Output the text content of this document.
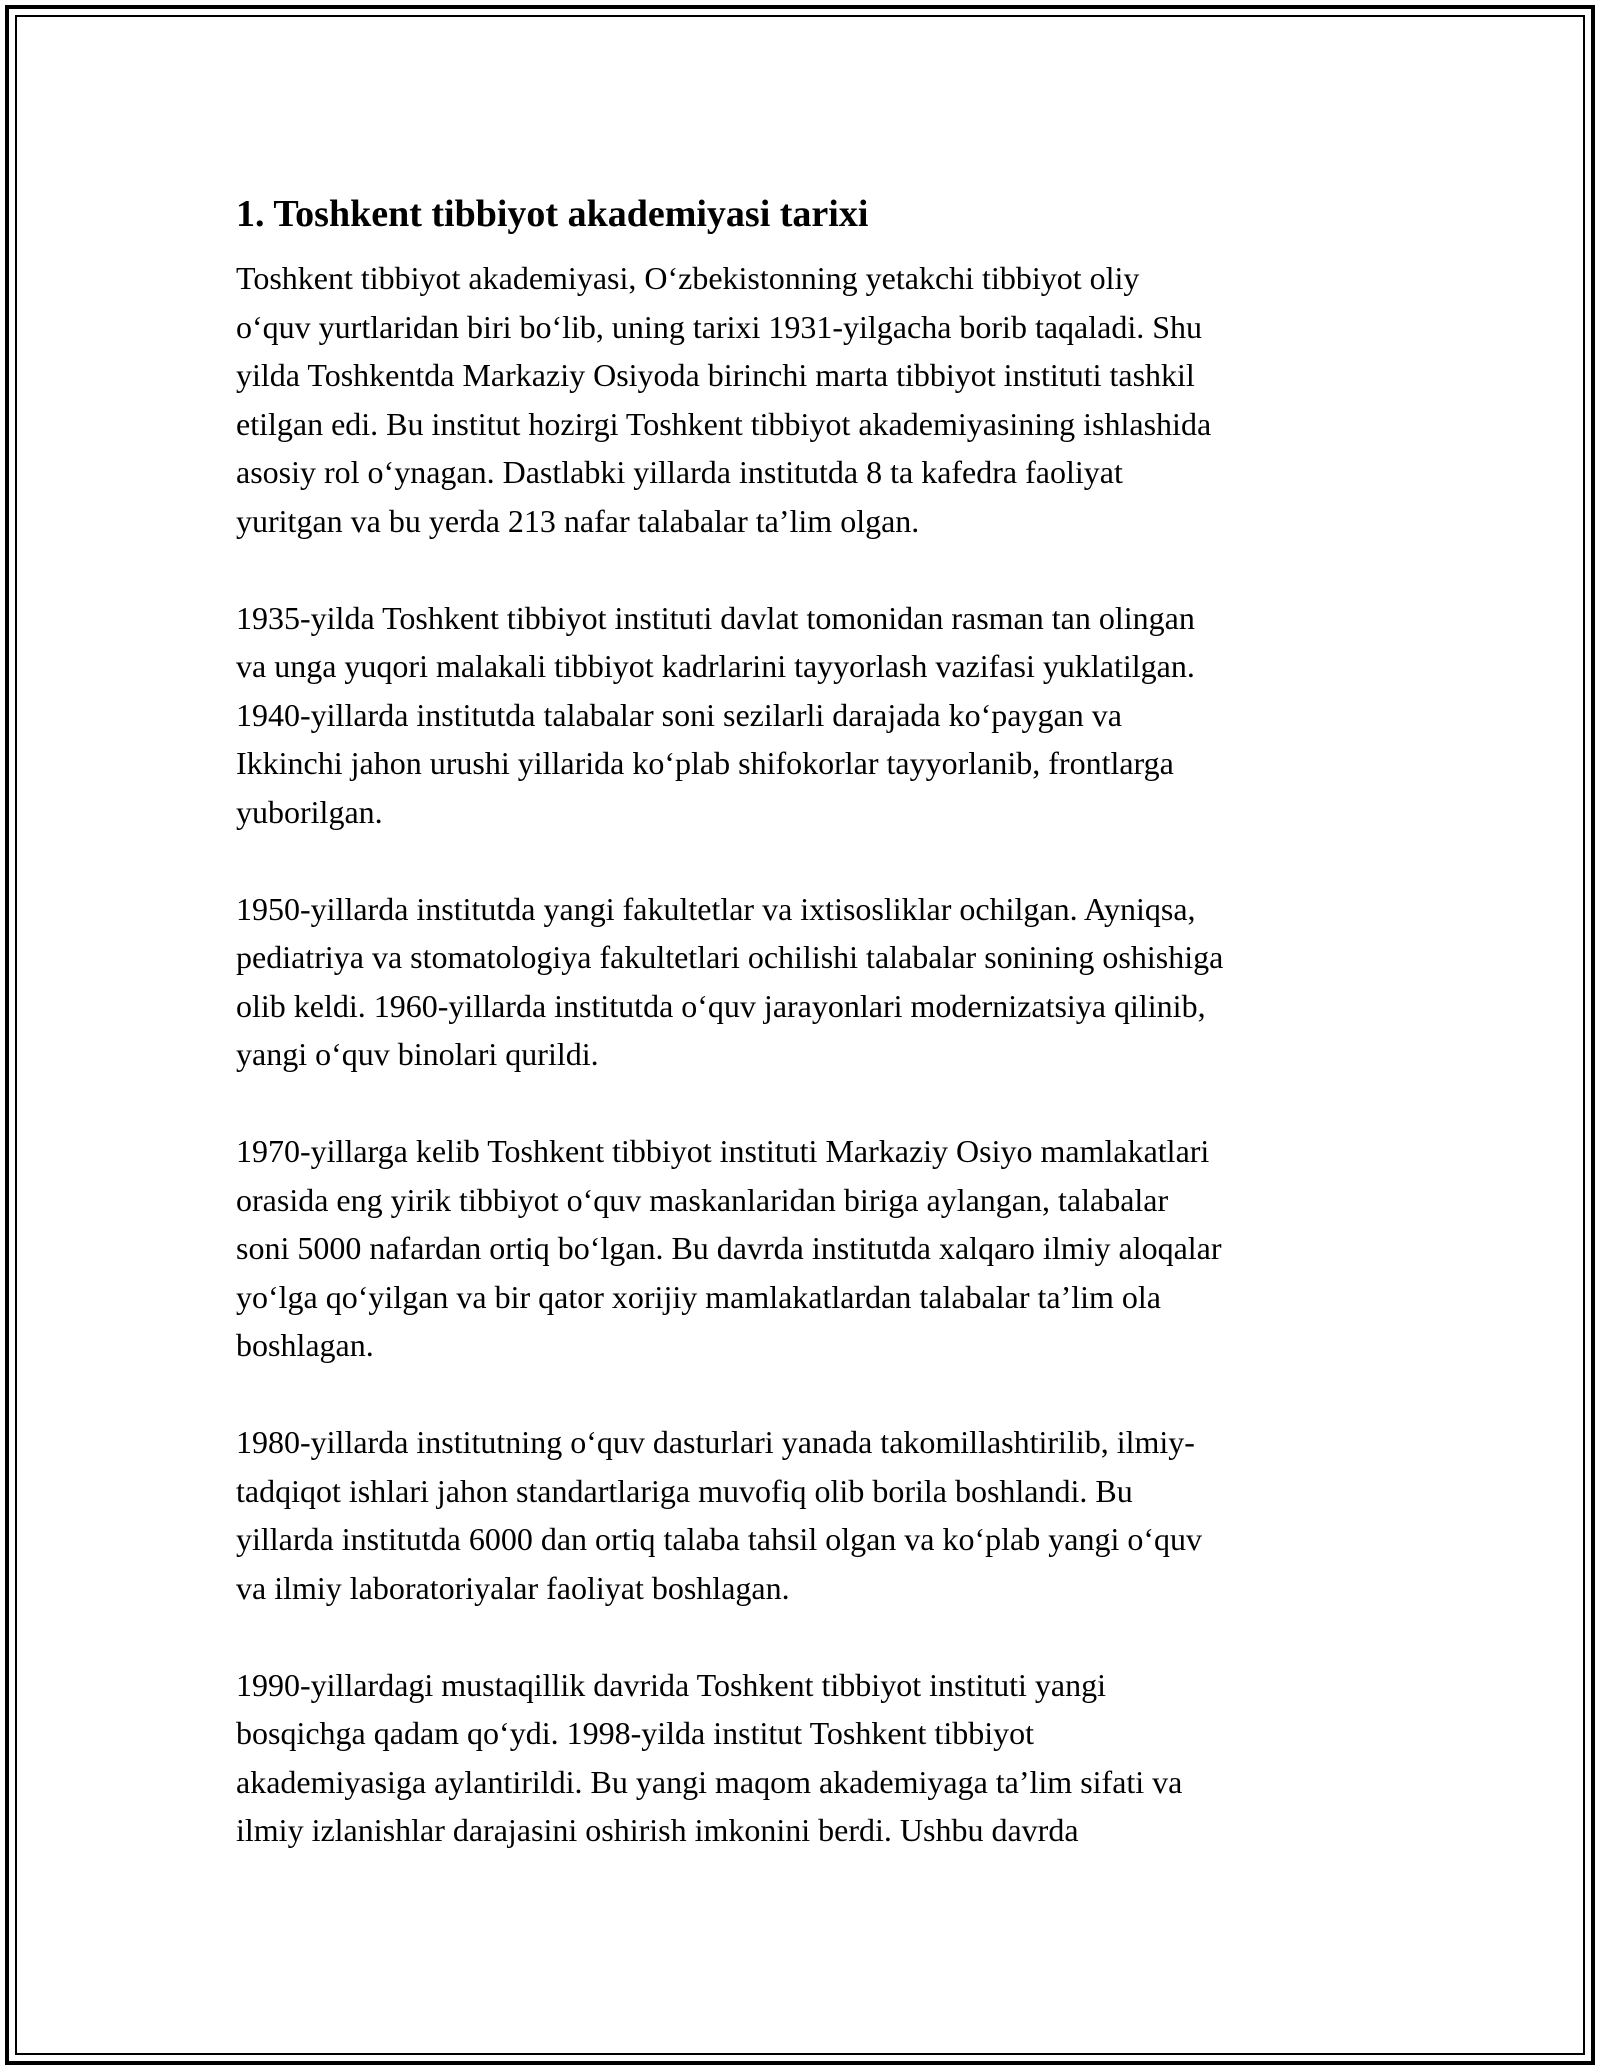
1. Toshkent tibbiyot akademiyasi tarixi

Toshkent tibbiyot akademiyasi, O‘zbekistonning yetakchi tibbiyot oliy
o‘quv yurtlaridan biri bo‘lib, uning tarixi 1931-yilgacha borib taqaladi. Shu
yilda Toshkentda Markaziy Osiyoda birinchi marta tibbiyot instituti tashkil
etilgan edi. Bu institut hozirgi Toshkent tibbiyot akademiyasining ishlashida
asosiy rol o‘ynagan. Dastlabki yillarda institutda 8 ta kafedra faoliyat
yuritgan va bu yerda 213 nafar talabalar ta’lim olgan.

1935-yilda Toshkent tibbiyot instituti davlat tomonidan rasman tan olingan
va unga yuqori malakali tibbiyot kadrlarini tayyorlash vazifasi yuklatilgan.
1940-yillarda institutda talabalar soni sezilarli darajada ko‘paygan va
Ikkinchi jahon urushi yillarida ko‘plab shifokorlar tayyorlanib, frontlarga
yuborilgan.

1950-yillarda institutda yangi fakultetlar va ixtisosliklar ochilgan. Ayniqsa,
pediatriya va stomatologiya fakultetlari ochilishi talabalar sonining oshishiga
olib keldi. 1960-yillarda institutda o‘quv jarayonlari modernizatsiya qilinib,
yangi o‘quv binolari qurildi.

1970-yillarga kelib Toshkent tibbiyot instituti Markaziy Osiyo mamlakatlari
orasida eng yirik tibbiyot o‘quv maskanlaridan biriga aylangan, talabalar
soni 5000 nafardan ortiq bo‘lgan. Bu davrda institutda xalqaro ilmiy aloqalar
yo‘lga qo‘yilgan va bir qator xorijiy mamlakatlardan talabalar ta’lim ola
boshlagan.

1980-yillarda institutning o‘quv dasturlari yanada takomillashtirilib, ilmiy-
tadqiqot ishlari jahon standartlariga muvofiq olib borila boshlandi. Bu
yillarda institutda 6000 dan ortiq talaba tahsil olgan va ko‘plab yangi o‘quv
va ilmiy laboratoriyalar faoliyat boshlagan.

1990-yillardagi mustaqillik davrida Toshkent tibbiyot instituti yangi
bosqichga qadam qo‘ydi. 1998-yilda institut Toshkent tibbiyot
akademiyasiga aylantirildi. Bu yangi maqom akademiyaga ta’lim sifati va
ilmiy izlanishlar darajasini oshirish imkonini berdi. Ushbu davrda
